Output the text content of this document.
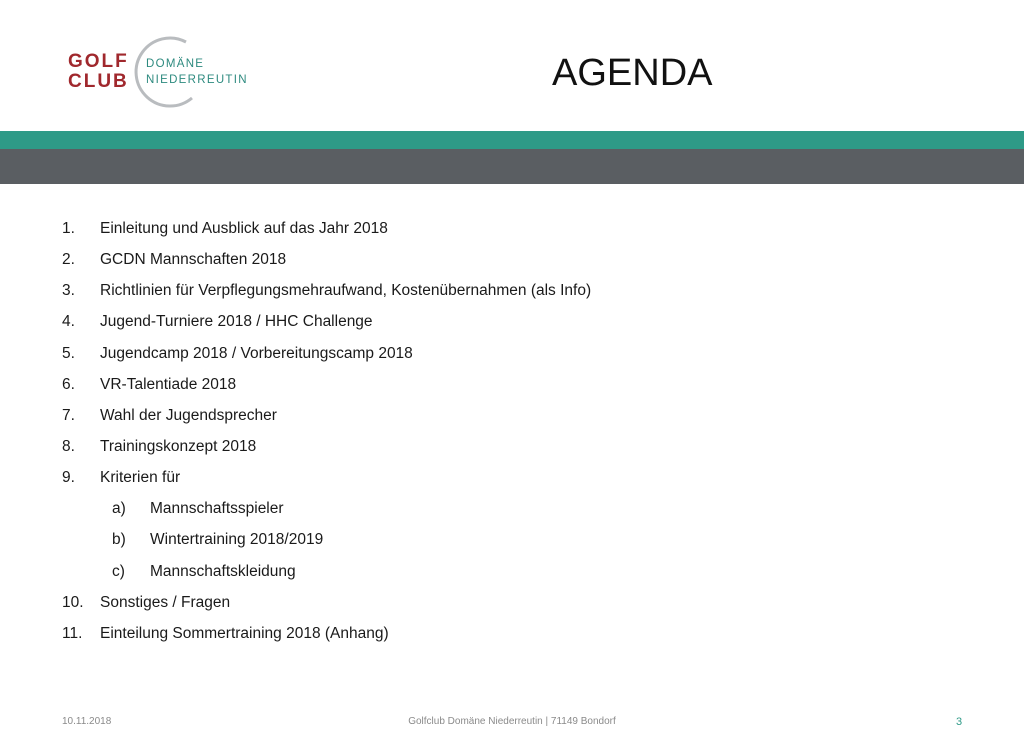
GOLF
CLUB
DOMÄNE
NIEDERREUTIN	AGENDA
1. Einleitung und Ausblick auf das Jahr 2018
2. GCDN Mannschaften 2018
3. Richtlinien für Verpflegungsmehraufwand, Kostenübernahmen (als Info)
4. Jugend-Turniere 2018 / HHC Challenge
5. Jugendcamp 2018 / Vorbereitungscamp 2018
6. VR-Talentiade 2018
7. Wahl der Jugendsprecher
8. Trainingskonzept 2018
9. Kriterien für
a) Mannschaftsspieler
b) Wintertraining 2018/2019
c) Mannschaftskleidung
10. Sonstiges / Fragen
11. Einteilung Sommertraining 2018 (Anhang)
10.11.2018	Golfclub Domäne Niederreutin | 71149 Bondorf	3
